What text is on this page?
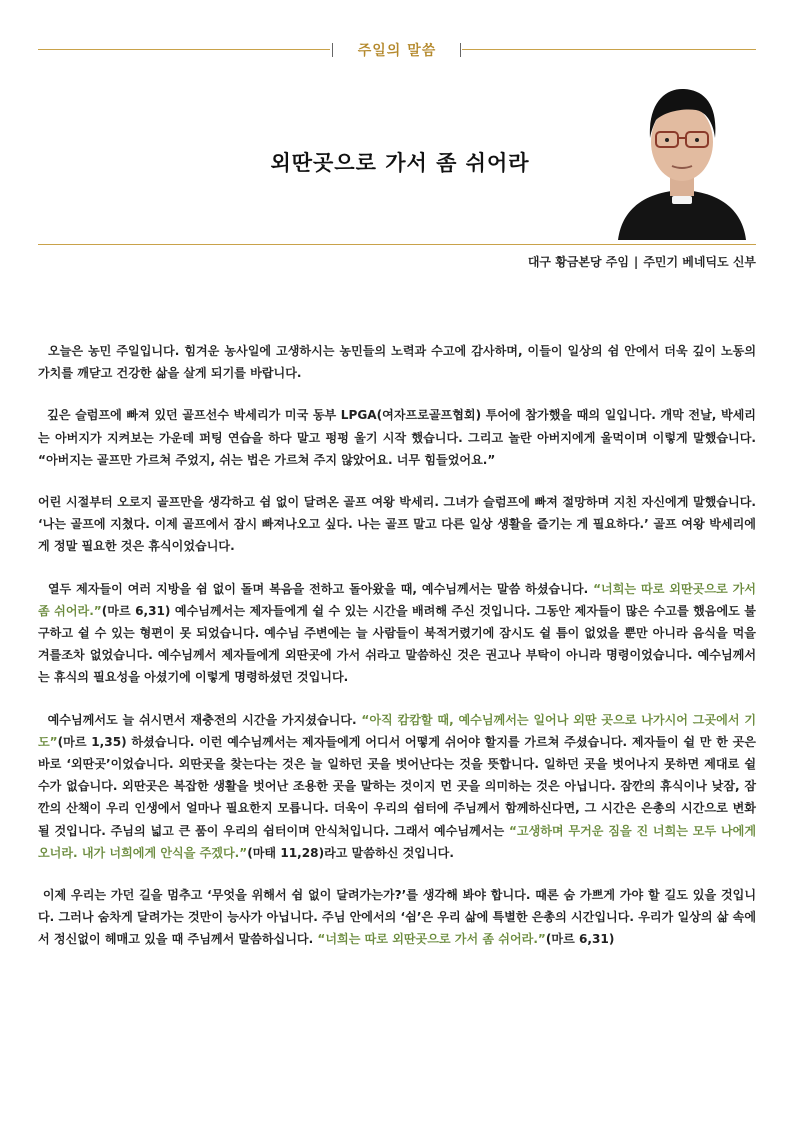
주일의 말씀
외딴곳으로 가서 좀 쉬어라
대구 황금본당 주임 | 주민기 베네딕도 신부

오늘은 농민 주일입니다. 힘겨운 농사일에 고생하시는 농민들의 노력과 수고에 감사하며, 이들이 일상의 쉼 안에서 더욱 깊이 노동의 가치를 깨닫고 건강한 삶을 살게 되기를 바랍니다.

깊은 슬럼프에 빠져 있던 골프선수 박세리가 미국 동부 LPGA(여자프로골프협회) 투어에 참가했을 때의 일입니다. 개막 전날, 박세리는 아버지가 지켜보는 가운데 퍼팅 연습을 하다 말고 펑펑 울기 시작 했습니다. 그리고 놀란 아버지에게 울먹이며 이렇게 말했습니다. “아버지는 골프만 가르쳐 주었지, 쉬는 법은 가르쳐 주지 않았어요. 너무 힘들었어요.”

어린 시절부터 오로지 골프만을 생각하고 쉼 없이 달려온 골프 여왕 박세리. 그녀가 슬럼프에 빠져 절망하며 지친 자신에게 말했습니다. ‘나는 골프에 지쳤다. 이제 골프에서 잠시 빠져나오고 싶다. 나는 골프 말고 다른 일상 생활을 즐기는 게 필요하다.’ 골프 여왕 박세리에게 정말 필요한 것은 휴식이었습니다.

열두 제자들이 여러 지방을 쉼 없이 돌며 복음을 전하고 돌아왔을 때, 예수님께서는 말씀 하셨습니다. “너희는 따로 외딴곳으로 가서 좀 쉬어라.”(마르 6,31) 예수님께서는 제자들에게 쉴 수 있는 시간을 배려해 주신 것입니다. 그동안 제자들이 많은 수고를 했음에도 불구하고 쉴 수 있는 형편이 못 되었습니다. 예수님 주변에는 늘 사람들이 북적거렸기에 잠시도 쉴 틈이 없었을 뿐만 아니라 음식을 먹을 겨를조차 없었습니다. 예수님께서 제자들에게 외딴곳에 가서 쉬라고 말씀하신 것은 권고나 부탁이 아니라 명령이었습니다. 예수님께서는 휴식의 필요성을 아셨기에 이렇게 명령하셨던 것입니다.

예수님께서도 늘 쉬시면서 재충전의 시간을 가지셨습니다. “아직 캄캄할 때, 예수님께서는 일어나 외딴 곳으로 나가시어 그곳에서 기도”(마르 1,35) 하셨습니다. 이런 예수님께서는 제자들에게 어디서 어떻게 쉬어야 할지를 가르쳐 주셨습니다. 제자들이 쉴 만 한 곳은 바로 ‘외딴곳’이었습니다. 외딴곳을 찾는다는 것은 늘 일하던 곳을 벗어난다는 것을 뜻합니다. 일하던 곳을 벗어나지 못하면 제대로 쉴 수가 없습니다. 외딴곳은 복잡한 생활을 벗어난 조용한 곳을 말하는 것이지 먼 곳을 의미하는 것은 아닙니다. 잠깐의 휴식이나 낮잠, 잠깐의 산책이 우리 인생에서 얼마나 필요한지 모릅니다. 더욱이 우리의 쉼터에 주님께서 함께하신다면, 그 시간은 은총의 시간으로 변화될 것입니다. 주님의 넓고 큰 품이 우리의 쉼터이며 안식처입니다. 그래서 예수님께서는 “고생하며 무거운 짐을 진 너희는 모두 나에게 오너라. 내가 너희에게 안식을 주겠다.”(마태 11,28)라고 말씀하신 것입니다.

이제 우리는 가던 길을 멈추고 ‘무엇을 위해서 쉼 없이 달려가는가?’를 생각해 봐야 합니다. 때론 숨 가쁘게 가야 할 길도 있을 것입니다. 그러나 숨차게 달려가는 것만이 능사가 아닙니다. 주님 안에서의 ‘쉼’은 우리 삶에 특별한 은총의 시간입니다. 우리가 일상의 삶 속에서 정신없이 헤매고 있을 때 주님께서 말씀하십니다. “너희는 따로 외딴곳으로 가서 좀 쉬어라.”(마르 6,31)
